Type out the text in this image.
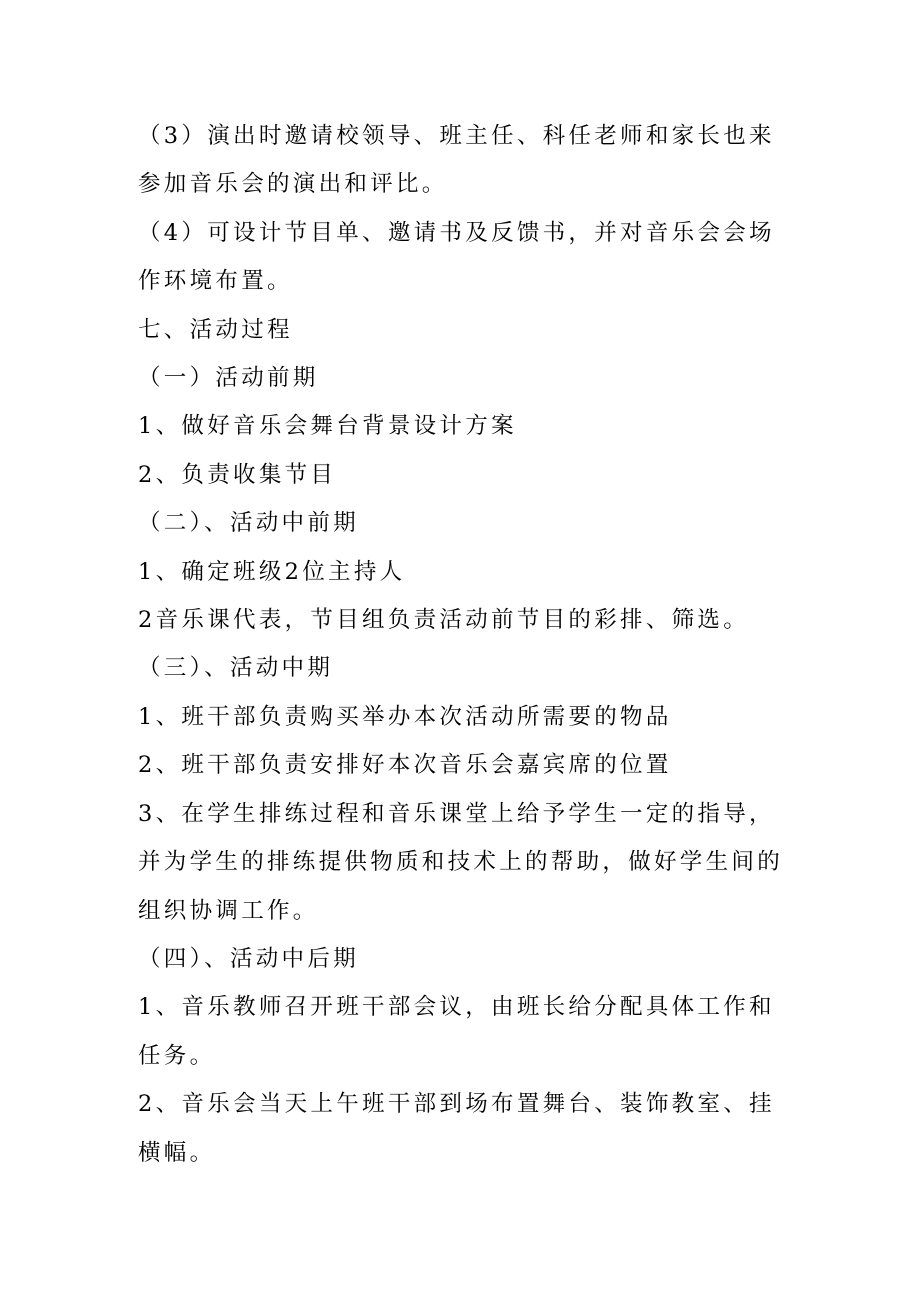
（3）演出时邀请校领导、班主任、科任老师和家长也来参加音乐会的演出和评比。

（4）可设计节目单、邀请书及反馈书，并对音乐会会场作环境布置。

七、活动过程

（一）活动前期

1、做好音乐会舞台背景设计方案

2、负责收集节目

（二）、活动中前期

1、确定班级2位主持人

2音乐课代表，节目组负责活动前节目的彩排、筛选。

（三）、活动中期

1、班干部负责购买举办本次活动所需要的物品

2、班干部负责安排好本次音乐会嘉宾席的位置

3、在学生排练过程和音乐课堂上给予学生一定的指导，并为学生的排练提供物质和技术上的帮助，做好学生间的组织协调工作。

（四）、活动中后期

1、音乐教师召开班干部会议，由班长给分配具体工作和任务。

2、音乐会当天上午班干部到场布置舞台、装饰教室、挂横幅。
